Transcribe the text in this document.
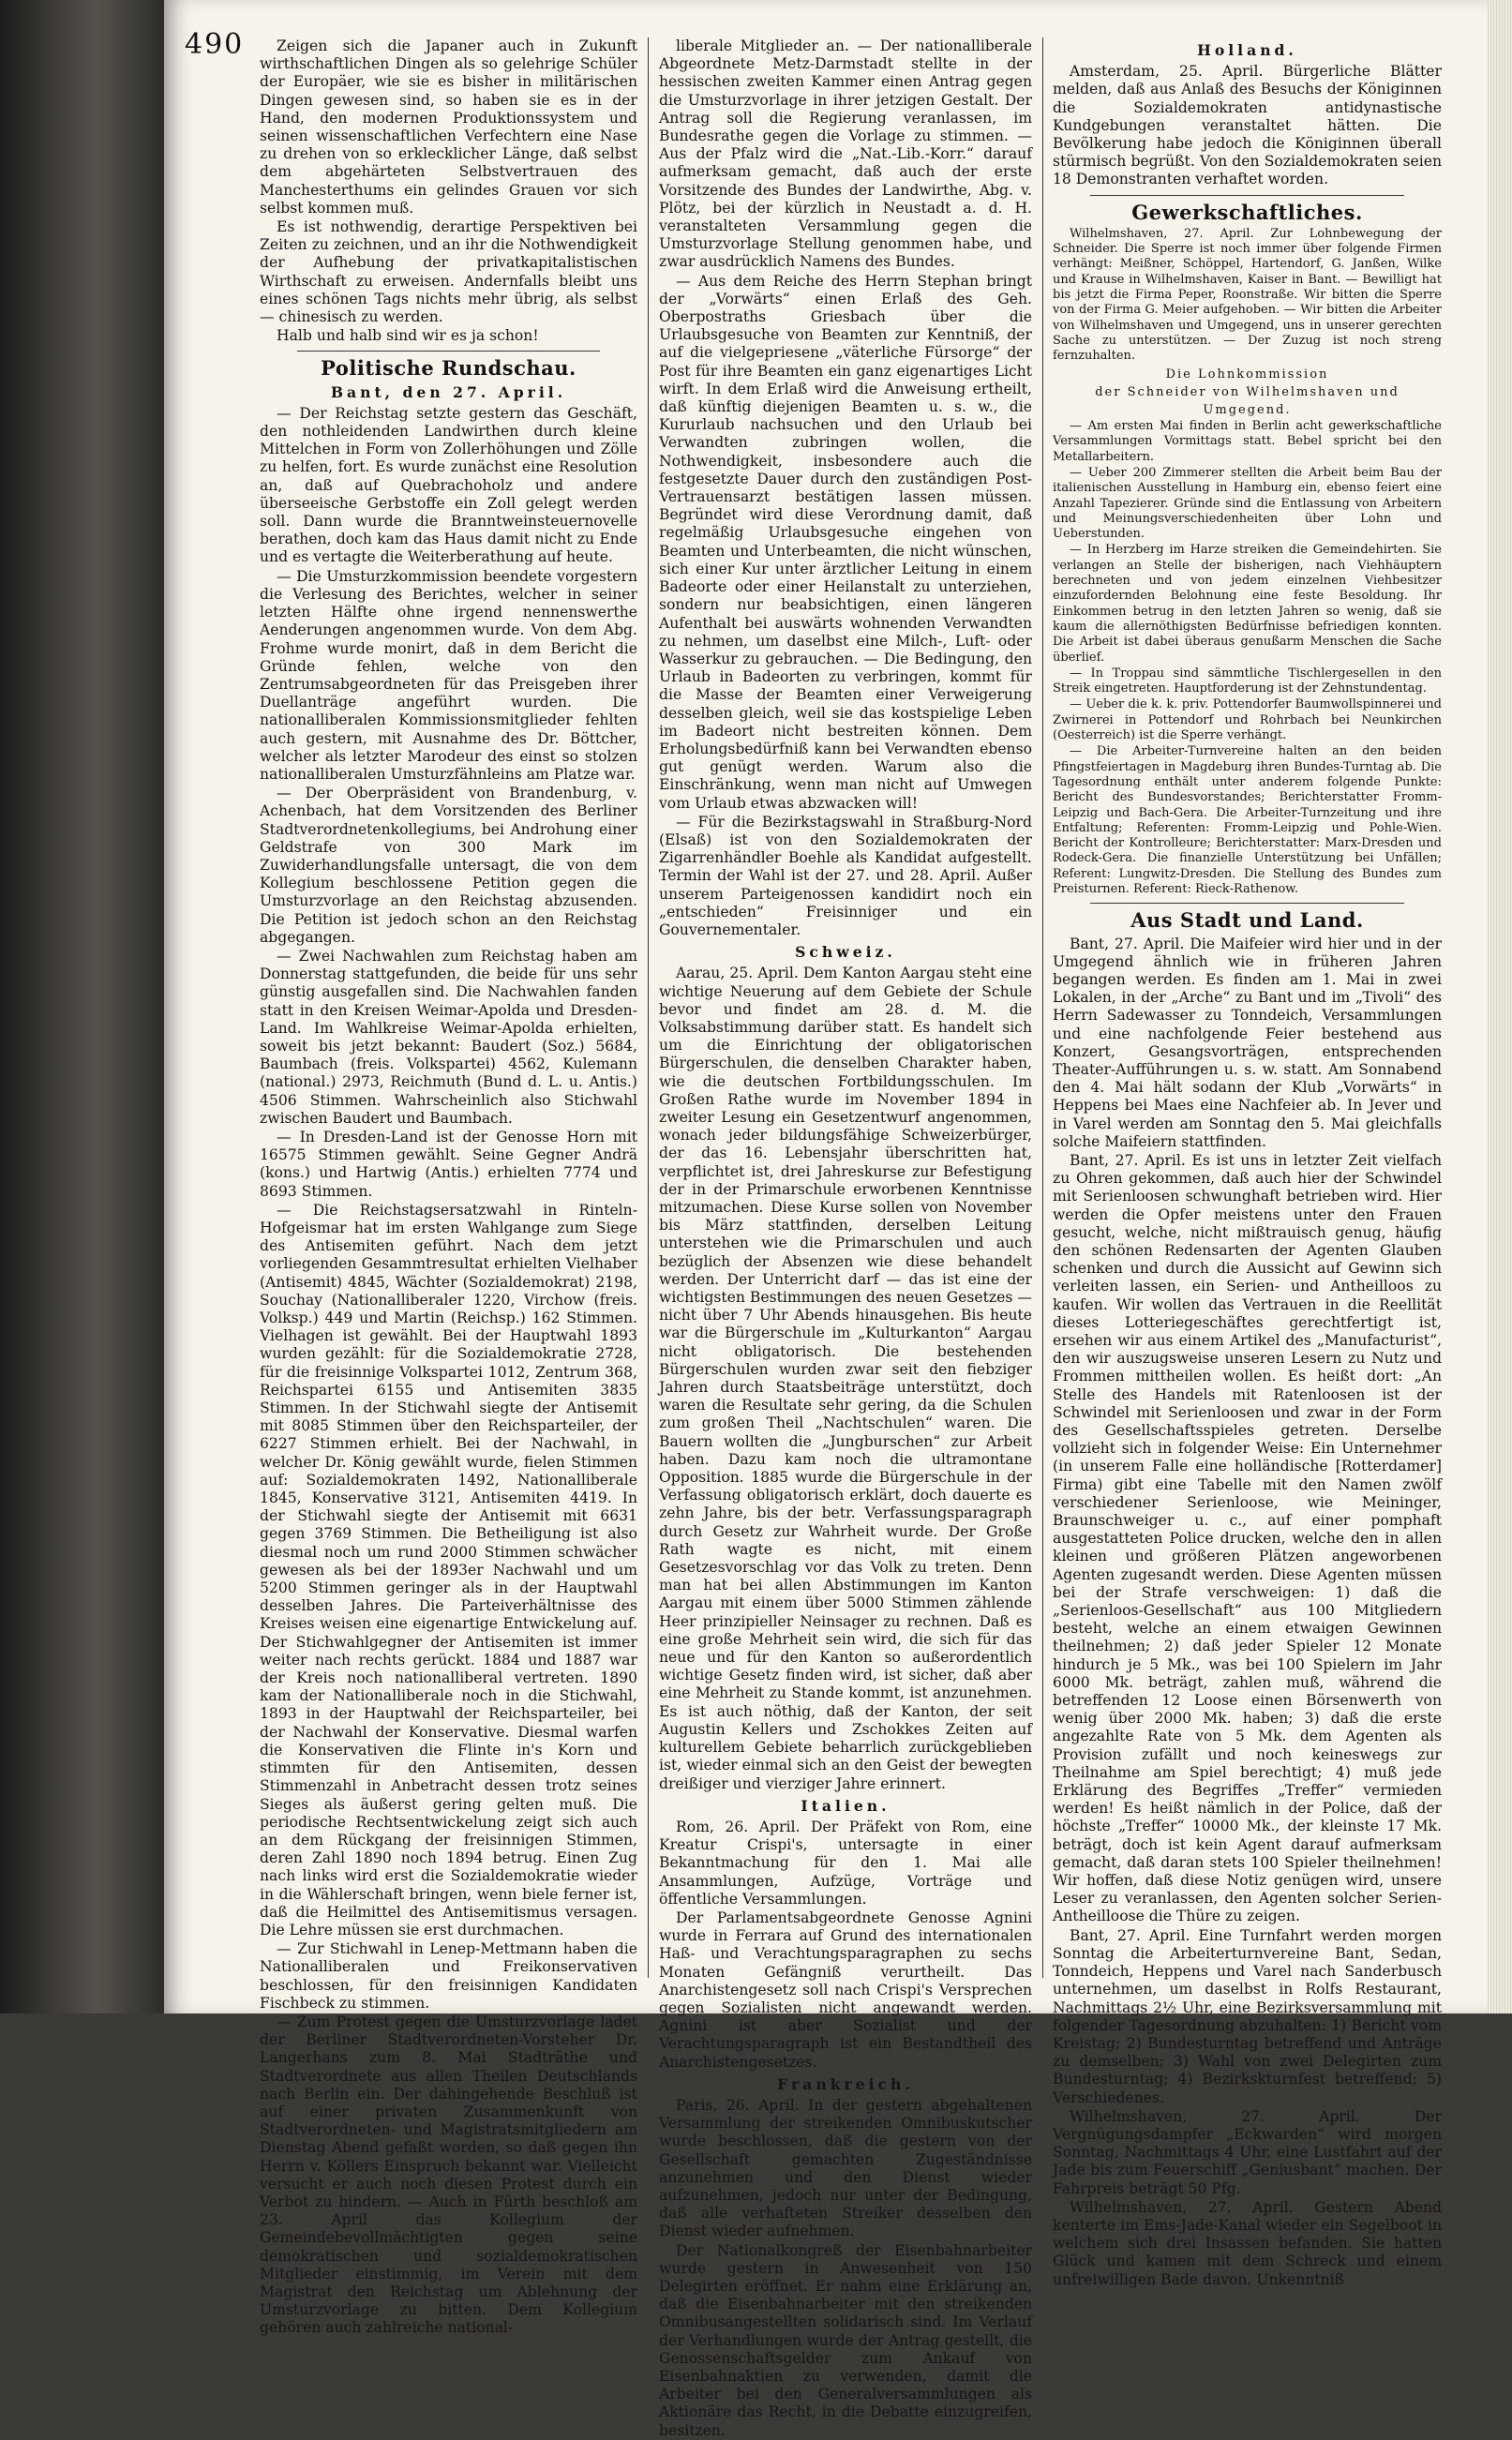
490	Zeigen sich die Japaner auch in Zukunft wirthschaftlichen Dingen als so gelehrige Schüler der Europäer, wie sie es bisher in militärischen Dingen gewesen sind, so haben sie es in der Hand, den modernen Produktionssystem und seinen wissenschaftlichen Verfechtern eine Nase zu drehen von so erklecklicher Länge, daß selbst dem abgehärteten Selbstvertrauen des Manchesterthums ein gelindes Grauen vor sich selbst kommen muß.

Es ist nothwendig, derartige Perspektiven bei Zeiten zu zeichnen, und an ihr die Nothwendigkeit der Aufhebung der privatkapitalistischen Wirthschaft zu erweisen. Andernfalls bleibt uns eines schönen Tags nichts mehr übrig, als selbst — chinesisch zu werden.

Halb und halb sind wir es ja schon!

Politische Rundschau.
Bant, den 27. April.

— Der Reichstag setzte gestern das Geschäft, den nothleidenden Landwirthen durch kleine Mittelchen in Form von Zollerhöhungen und Zölle zu helfen, fort. Es wurde zunächst eine Resolution an, daß auf Quebrachoholz und andere überseeische Gerbstoffe ein Zoll gelegt werden soll. Dann wurde die Branntweinsteuernovelle berathen, doch kam das Haus damit nicht zu Ende und es vertagte die Weiterberathung auf heute.

— Die Umsturzkommission beendete vorgestern die Verlesung des Berichtes, welcher in seiner letzten Hälfte ohne irgend nennenswerthe Aenderungen angenommen wurde. Von dem Abg. Frohme wurde monirt, daß in dem Bericht die Gründe fehlen, welche von den Zentrumsabgeordneten für das Preisgeben ihrer Duellanträge angeführt wurden. Die nationalliberalen Kommissionsmitglieder fehlten auch gestern, mit Ausnahme des Dr. Böttcher, welcher als letzter Marodeur des einst so stolzen nationalliberalen Umsturzfähnleins am Platze war.

— Der Oberpräsident von Brandenburg, v. Achenbach, hat dem Vorsitzenden des Berliner Stadtverordnetenkollegiums, bei Androhung einer Geldstrafe von 300 Mark im Zuwiderhandlungsfalle untersagt, die von dem Kollegium beschlossene Petition gegen die Umsturzvorlage an den Reichstag abzusenden. Die Petition ist jedoch schon an den Reichstag abgegangen.

— Zwei Nachwahlen zum Reichstag haben am Donnerstag stattgefunden, die beide für uns sehr günstig ausgefallen sind. Die Nachwahlen fanden statt in den Kreisen Weimar-Apolda und Dresden-Land. Im Wahlkreise Weimar-Apolda erhielten, soweit bis jetzt bekannt: Baudert (Soz.) 5684, Baumbach (freis. Volkspartei) 4562, Kulemann (national.) 2973, Reichmuth (Bund d. L. u. Antis.) 4506 Stimmen. Wahrscheinlich also Stichwahl zwischen Baudert und Baumbach.

— In Dresden-Land ist der Genosse Horn mit 16575 Stimmen gewählt. Seine Gegner Andrä (kons.) und Hartwig (Antis.) erhielten 7774 und 8693 Stimmen.

— Die Reichstagsersatzwahl in Rinteln-Hofgeismar hat im ersten Wahlgange zum Siege des Antisemiten geführt. Nach dem jetzt vorliegenden Gesammtresultat erhielten Vielhaber (Antisemit) 4845, Wächter (Sozialdemokrat) 2198, Souchay (Nationalliberaler 1220, Virchow (freis. Volksp.) 449 und Martin (Reichsp.) 162 Stimmen. Vielhagen ist gewählt. Bei der Hauptwahl 1893 wurden gezählt: für die Sozialdemokratie 2728, für die freisinnige Volkspartei 1012, Zentrum 368, Reichspartei 6155 und Antisemiten 3835 Stimmen. In der Stichwahl siegte der Antisemit mit 8085 Stimmen über den Reichsparteiler, der 6227 Stimmen erhielt. Bei der Nachwahl, in welcher Dr. König gewählt wurde, fielen Stimmen auf: Sozialdemokraten 1492, Nationalliberale 1845, Konservative 3121, Antisemiten 4419. In der Stichwahl siegte der Antisemit mit 6631 gegen 3769 Stimmen. Die Betheiligung ist also diesmal noch um rund 2000 Stimmen schwächer gewesen als bei der 1893er Nachwahl und um 5200 Stimmen geringer als in der Hauptwahl desselben Jahres. Die Parteiverhältnisse des Kreises weisen eine eigenartige Entwickelung auf. Der Stichwahlgegner der Antisemiten ist immer weiter nach rechts gerückt. 1884 und 1887 war der Kreis noch nationalliberal vertreten. 1890 kam der Nationalliberale noch in die Stichwahl, 1893 in der Hauptwahl der Reichsparteiler, bei der Nachwahl der Konservative. Diesmal warfen die Konservativen die Flinte in's Korn und stimmten für den Antisemiten, dessen Stimmenzahl in Anbetracht dessen trotz seines Sieges als äußerst gering gelten muß. Die periodische Rechtsentwickelung zeigt sich auch an dem Rückgang der freisinnigen Stimmen, deren Zahl 1890 noch 1894 betrug. Einen Zug nach links wird erst die Sozialdemokratie wieder in die Wählerschaft bringen, wenn biele ferner ist, daß die Heilmittel des Antisemitismus versagen. Die Lehre müssen sie erst durchmachen.

— Zur Stichwahl in Lenep-Mettmann haben die Nationalliberalen und Freikonservativen beschlossen, für den freisinnigen Kandidaten Fischbeck zu stimmen.

— Zum Protest gegen die Umsturzvorlage ladet der Berliner Stadtverordneten-Vorsteher Dr. Langerhans zum 8. Mai Stadträthe und Stadtverordnete aus allen Theilen Deutschlands nach Berlin ein. Der dahingehende Beschluß ist auf einer privaten Zusammenkunft von Stadtverordneten- und Magistratsmitgliedern am Dienstag Abend gefaßt worden, so daß gegen ihn Herrn v. Köllers Einspruch bekannt war. Vielleicht versucht er auch noch diesen Protest durch ein Verbot zu hindern. — Auch in Fürth beschloß am 23. April das Kollegium der Gemeindebevollmächtigten gegen seine demokratischen und sozialdemokratischen Mitglieder einstimmig, im Verein mit dem Magistrat den Reichstag um Ablehnung der Umsturzvorlage zu bitten. Dem Kollegium gehören auch zahlreiche national-

liberale Mitglieder an. — Der nationalliberale Abgeordnete Metz-Darmstadt stellte in der hessischen zweiten Kammer einen Antrag gegen die Umsturzvorlage in ihrer jetzigen Gestalt. Der Antrag soll die Regierung veranlassen, im Bundesrathe gegen die Vorlage zu stimmen. — Aus der Pfalz wird die „Nat.-Lib.-Korr.“ darauf aufmerksam gemacht, daß auch der erste Vorsitzende des Bundes der Landwirthe, Abg. v. Plötz, bei der kürzlich in Neustadt a. d. H. veranstalteten Versammlung gegen die Umsturzvorlage Stellung genommen habe, und zwar ausdrücklich Namens des Bundes.

— Aus dem Reiche des Herrn Stephan bringt der „Vorwärts“ einen Erlaß des Geh. Oberpostraths Griesbach über die Urlaubsgesuche von Beamten zur Kenntniß, der auf die vielgepriesene „väterliche Fürsorge“ der Post für ihre Beamten ein ganz eigenartiges Licht wirft. In dem Erlaß wird die Anweisung ertheilt, daß künftig diejenigen Beamten u. s. w., die Kururlaub nachsuchen und den Urlaub bei Verwandten zubringen wollen, die Nothwendigkeit, insbesondere auch die festgesetzte Dauer durch den zuständigen Post-Vertrauensarzt bestätigen lassen müssen. Begründet wird diese Verordnung damit, daß regelmäßig Urlaubsgesuche eingehen von Beamten und Unterbeamten, die nicht wünschen, sich einer Kur unter ärztlicher Leitung in einem Badeorte oder einer Heilanstalt zu unterziehen, sondern nur beabsichtigen, einen längeren Aufenthalt bei auswärts wohnenden Verwandten zu nehmen, um daselbst eine Milch-, Luft- oder Wasserkur zu gebrauchen. — Die Bedingung, den Urlaub in Badeorten zu verbringen, kommt für die Masse der Beamten einer Verweigerung desselben gleich, weil sie das kostspielige Leben im Badeort nicht bestreiten können. Dem Erholungsbedürfniß kann bei Verwandten ebenso gut genügt werden. Warum also die Einschränkung, wenn man nicht auf Umwegen vom Urlaub etwas abzwacken will!

— Für die Bezirkstagswahl in Straßburg-Nord (Elsaß) ist von den Sozialdemokraten der Zigarrenhändler Boehle als Kandidat aufgestellt. Termin der Wahl ist der 27. und 28. April. Außer unserem Parteigenossen kandidirt noch ein „entschieden“ Freisinniger und ein Gouvernementaler.

Schweiz.

Aarau, 25. April. Dem Kanton Aargau steht eine wichtige Neuerung auf dem Gebiete der Schule bevor und findet am 28. d. M. die Volksabstimmung darüber statt. Es handelt sich um die Einrichtung der obligatorischen Bürgerschulen, die denselben Charakter haben, wie die deutschen Fortbildungsschulen. Im Großen Rathe wurde im November 1894 in zweiter Lesung ein Gesetzentwurf angenommen, wonach jeder bildungsfähige Schweizerbürger, der das 16. Lebensjahr überschritten hat, verpflichtet ist, drei Jahreskurse zur Befestigung der in der Primarschule erworbenen Kenntnisse mitzumachen. Diese Kurse sollen von November bis März stattfinden, derselben Leitung unterstehen wie die Primarschulen und auch bezüglich der Absenzen wie diese behandelt werden. Der Unterricht darf — das ist eine der wichtigsten Bestimmungen des neuen Gesetzes — nicht über 7 Uhr Abends hinausgehen. Bis heute war die Bürgerschule im „Kulturkanton“ Aargau nicht obligatorisch. Die bestehenden Bürgerschulen wurden zwar seit den fiebziger Jahren durch Staatsbeiträge unterstützt, doch waren die Resultate sehr gering, da die Schulen zum großen Theil „Nachtschulen“ waren. Die Bauern wollten die „Jungburschen“ zur Arbeit haben. Dazu kam noch die ultramontane Opposition. 1885 wurde die Bürgerschule in der Verfassung obligatorisch erklärt, doch dauerte es zehn Jahre, bis der betr. Verfassungsparagraph durch Gesetz zur Wahrheit wurde. Der Große Rath wagte es nicht, mit einem Gesetzesvorschlag vor das Volk zu treten. Denn man hat bei allen Abstimmungen im Kanton Aargau mit einem über 5000 Stimmen zählende Heer prinzipieller Neinsager zu rechnen. Daß es eine große Mehrheit sein wird, die sich für das neue und für den Kanton so außerordentlich wichtige Gesetz finden wird, ist sicher, daß aber eine Mehrheit zu Stande kommt, ist anzunehmen. Es ist auch nöthig, daß der Kanton, der seit Augustin Kellers und Zschokkes Zeiten auf kulturellem Gebiete beharrlich zurückgeblieben ist, wieder einmal sich an den Geist der bewegten dreißiger und vierziger Jahre erinnert.

Italien.

Rom, 26. April. Der Präfekt von Rom, eine Kreatur Crispi's, untersagte in einer Bekanntmachung für den 1. Mai alle Ansammlungen, Aufzüge, Vorträge und öffentliche Versammlungen.

Der Parlamentsabgeordnete Genosse Agnini wurde in Ferrara auf Grund des internationalen Haß- und Verachtungsparagraphen zu sechs Monaten Gefängniß verurtheilt. Das Anarchistengesetz soll nach Crispi's Versprechen gegen Sozialisten nicht angewandt werden. Agnini ist aber Sozialist und der Verachtungsparagraph ist ein Bestandtheil des Anarchistengesetzes.

Frankreich.

Paris, 26. April. In der gestern abgehaltenen Versammlung der streikenden Omnibuskutscher wurde beschlossen, daß die gestern von der Gesellschaft gemachten Zugeständnisse anzunehmen und den Dienst wieder aufzunehmen, jedoch nur unter der Bedingung, daß alle verhafteten Streiker desselben den Dienst wieder aufnehmen.

Der Nationalkongreß der Eisenbahnarbeiter wurde gestern in Anwesenheit von 150 Delegirten eröffnet. Er nahm eine Erklärung an, daß die Eisenbahnarbeiter mit den streikenden Omnibusangestellten solidarisch sind. Im Verlauf der Verhandlungen wurde der Antrag gestellt, die Genossenschaftsgelder zum Ankauf von Eisenbahnaktien zu verwenden, damit die Arbeiter bei den Generalversammlungen als Aktionäre das Recht, in die Debatte einzugreifen, besitzen.

Holland.

Amsterdam, 25. April. Bürgerliche Blätter melden, daß aus Anlaß des Besuchs der Königinnen die Sozialdemokraten antidynastische Kundgebungen veranstaltet hätten. Die Bevölkerung habe jedoch die Königinnen überall stürmisch begrüßt. Von den Sozialdemokraten seien 18 Demonstranten verhaftet worden.

Gewerkschaftliches.

Wilhelmshaven, 27. April. Zur Lohnbewegung der Schneider. Die Sperre ist noch immer über folgende Firmen verhängt: Meißner, Schöppel, Hartendorf, G. Janßen, Wilke und Krause in Wilhelmshaven, Kaiser in Bant. — Bewilligt hat bis jetzt die Firma Peper, Roonstraße. Wir bitten die Sperre von der Firma G. Meier aufgehoben. — Wir bitten die Arbeiter von Wilhelmshaven und Umgegend, uns in unserer gerechten Sache zu unterstützen. — Der Zuzug ist noch streng fernzuhalten.

Die Lohnkommission
der Schneider von Wilhelmshaven und Umgegend.

— Am ersten Mai finden in Berlin acht gewerkschaftliche Versammlungen Vormittags statt. Bebel spricht bei den Metallarbeitern.

— Ueber 200 Zimmerer stellten die Arbeit beim Bau der italienischen Ausstellung in Hamburg ein, ebenso feiert eine Anzahl Tapezierer. Gründe sind die Entlassung von Arbeitern und Meinungsverschiedenheiten über Lohn und Ueberstunden.

— In Herzberg im Harze streiken die Gemeindehirten. Sie verlangen an Stelle der bisherigen, nach Viehhäuptern berechneten und von jedem einzelnen Viehbesitzer einzufordernden Belohnung eine feste Besoldung. Ihr Einkommen betrug in den letzten Jahren so wenig, daß sie kaum die allernöthigsten Bedürfnisse befriedigen konnten. Die Arbeit ist dabei überaus genußarm Menschen die Sache überlief.

— In Troppau sind sämmtliche Tischlergesellen in den Streik eingetreten. Hauptforderung ist der Zehnstundentag.

— Ueber die k. k. priv. Pottendorfer Baumwollspinnerei und Zwirnerei in Pottendorf und Rohrbach bei Neunkirchen (Oesterreich) ist die Sperre verhängt.

— Die Arbeiter-Turnvereine halten an den beiden Pfingstfeiertagen in Magdeburg ihren Bundes-Turntag ab. Die Tagesordnung enthält unter anderem folgende Punkte: Bericht des Bundesvorstandes; Berichterstatter Fromm-Leipzig und Bach-Gera. Die Arbeiter-Turnzeitung und ihre Entfaltung; Referenten: Fromm-Leipzig und Pohle-Wien. Bericht der Kontrolleure; Berichterstatter: Marx-Dresden und Rodeck-Gera. Die finanzielle Unterstützung bei Unfällen; Referent: Lungwitz-Dresden. Die Stellung des Bundes zum Preisturnen. Referent: Rieck-Rathenow.

Aus Stadt und Land.

Bant, 27. April. Die Maifeier wird hier und in der Umgegend ähnlich wie in früheren Jahren begangen werden. Es finden am 1. Mai in zwei Lokalen, in der „Arche“ zu Bant und im „Tivoli“ des Herrn Sadewasser zu Tonndeich, Versammlungen und eine nachfolgende Feier bestehend aus Konzert, Gesangsvorträgen, entsprechenden Theater-Aufführungen u. s. w. statt. Am Sonnabend den 4. Mai hält sodann der Klub „Vorwärts“ in Heppens bei Maes eine Nachfeier ab. In Jever und in Varel werden am Sonntag den 5. Mai gleichfalls solche Maifeiern stattfinden.

Bant, 27. April. Es ist uns in letzter Zeit vielfach zu Ohren gekommen, daß auch hier der Schwindel mit Serienloosen schwunghaft betrieben wird. Hier werden die Opfer meistens unter den Frauen gesucht, welche, nicht mißtrauisch genug, häufig den schönen Redensarten der Agenten Glauben schenken und durch die Aussicht auf Gewinn sich verleiten lassen, ein Serien- und Antheilloos zu kaufen. Wir wollen das Vertrauen in die Reellität dieses Lotteriegeschäftes gerechtfertigt ist, ersehen wir aus einem Artikel des „Manufacturist“, den wir auszugsweise unseren Lesern zu Nutz und Frommen mittheilen wollen. Es heißt dort: „An Stelle des Handels mit Ratenloosen ist der Schwindel mit Serienloosen und zwar in der Form des Gesellschaftsspieles getreten. Derselbe vollzieht sich in folgender Weise: Ein Unternehmer (in unserem Falle eine holländische [Rotterdamer] Firma) gibt eine Tabelle mit den Namen zwölf verschiedener Serienloose, wie Meininger, Braunschweiger u. c., auf einer pomphaft ausgestatteten Police drucken, welche den in allen kleinen und größeren Plätzen angeworbenen Agenten zugesandt werden. Diese Agenten müssen bei der Strafe verschweigen: 1) daß die „Serienloos-Gesellschaft“ aus 100 Mitgliedern besteht, welche an einem etwaigen Gewinnen theilnehmen; 2) daß jeder Spieler 12 Monate hindurch je 5 Mk., was bei 100 Spielern im Jahr 6000 Mk. beträgt, zahlen muß, während die betreffenden 12 Loose einen Börsenwerth von wenig über 2000 Mk. haben; 3) daß die erste angezahlte Rate von 5 Mk. dem Agenten als Provision zufällt und noch keineswegs zur Theilnahme am Spiel berechtigt; 4) muß jede Erklärung des Begriffes „Treffer“ vermieden werden! Es heißt nämlich in der Police, daß der höchste „Treffer“ 10000 Mk., der kleinste 17 Mk. beträgt, doch ist kein Agent darauf aufmerksam gemacht, daß daran stets 100 Spieler theilnehmen! Wir hoffen, daß diese Notiz genügen wird, unsere Leser zu veranlassen, den Agenten solcher Serien-Antheilloose die Thüre zu zeigen.

Bant, 27. April. Eine Turnfahrt werden morgen Sonntag die Arbeiterturnvereine Bant, Sedan, Tonndeich, Heppens und Varel nach Sanderbusch unternehmen, um daselbst in Rolfs Restaurant, Nachmittags 2½ Uhr, eine Bezirksversammlung mit folgender Tagesordnung abzuhalten: 1) Bericht vom Kreistag; 2) Bundesturntag betreffend und Anträge zu demselben; 3) Wahl von zwei Delegirten zum Bundesturntag; 4) Bezirkskturnfest betreffend; 5) Verschiedenes.

Wilhelmshaven, 27. April. Der Vergnügungsdampfer „Eckwarden“ wird morgen Sonntag, Nachmittags 4 Uhr, eine Lustfahrt auf der Jade bis zum Feuerschiff „Geniusbant“ machen. Der Fahrpreis beträgt 50 Pfg.

Wilhelmshaven, 27. April. Gestern Abend kenterte im Ems-Jade-Kanal wieder ein Segelboot in welchem sich drei Insassen befanden. Sie hatten Glück und kamen mit dem Schreck und einem unfreiwilligen Bade davon. Unkenntniß
